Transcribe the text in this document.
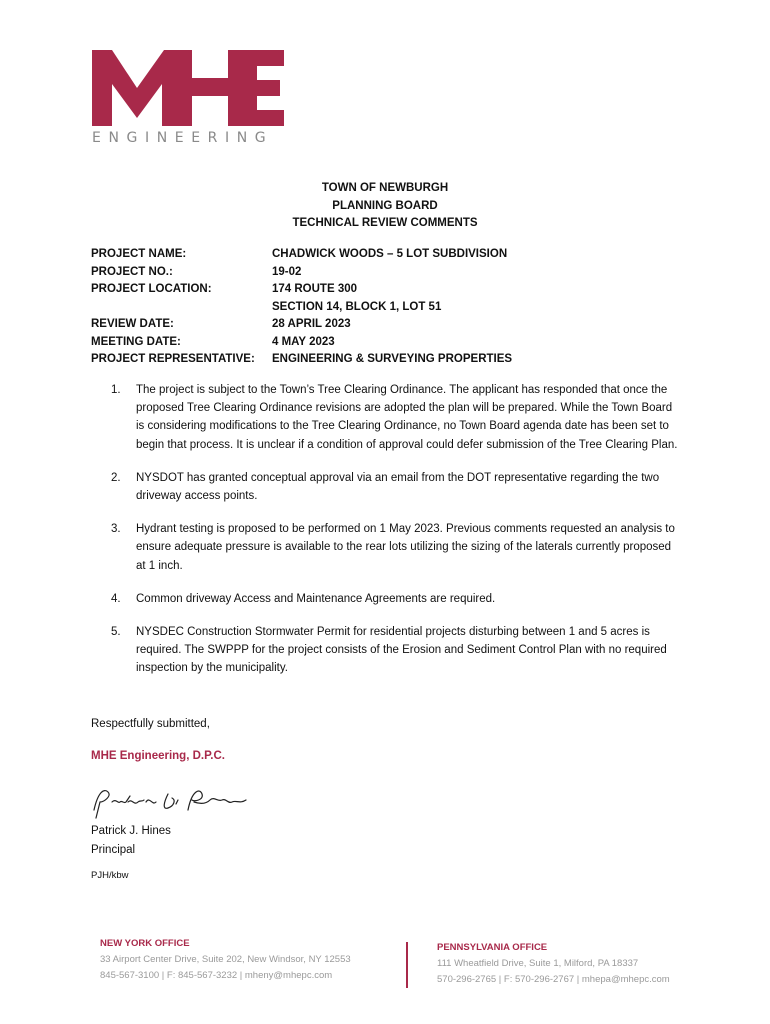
ENGINEERING
TOWN OF NEWBURGH
PLANNING BOARD
TECHNICAL REVIEW COMMENTS
PROJECT NAME:	CHADWICK WOODS – 5 LOT SUBDIVISION
PROJECT NO.:	19-02
PROJECT LOCATION:	174 ROUTE 300
SECTION 14, BLOCK 1, LOT 51
REVIEW DATE:	28 APRIL 2023
MEETING DATE:	4 MAY 2023
PROJECT REPRESENTATIVE: ENGINEERING & SURVEYING PROPERTIES
1. The project is subject to the Town’s Tree Clearing Ordinance. The applicant has responded that once the proposed Tree Clearing Ordinance revisions are adopted the plan will be prepared. While the Town Board is considering modifications to the Tree Clearing Ordinance, no Town Board agenda date has been set to begin that process. It is unclear if a condition of approval could defer submission of the Tree Clearing Plan.
2. NYSDOT has granted conceptual approval via an email from the DOT representative regarding the two driveway access points.
3. Hydrant testing is proposed to be performed on 1 May 2023. Previous comments requested an analysis to ensure adequate pressure is available to the rear lots utilizing the sizing of the laterals currently proposed at 1 inch.
4. Common driveway Access and Maintenance Agreements are required.
5. NYSDEC Construction Stormwater Permit for residential projects disturbing between 1 and 5 acres is required. The SWPPP for the project consists of the Erosion and Sediment Control Plan with no required inspection by the municipality.
Respectfully submitted,
MHE Engineering, D.P.C.
Patrick J. Hines
Principal
PJH/kbw
NEW YORK OFFICE
33 Airport Center Drive, Suite 202, New Windsor, NY 12553
845-567-3100 | F: 845-567-3232 | mheny@mhepc.com
PENNSYLVANIA OFFICE
111 Wheatfield Drive, Suite 1, Milford, PA 18337
570-296-2765 | F: 570-296-2767 | mhepa@mhepc.com
